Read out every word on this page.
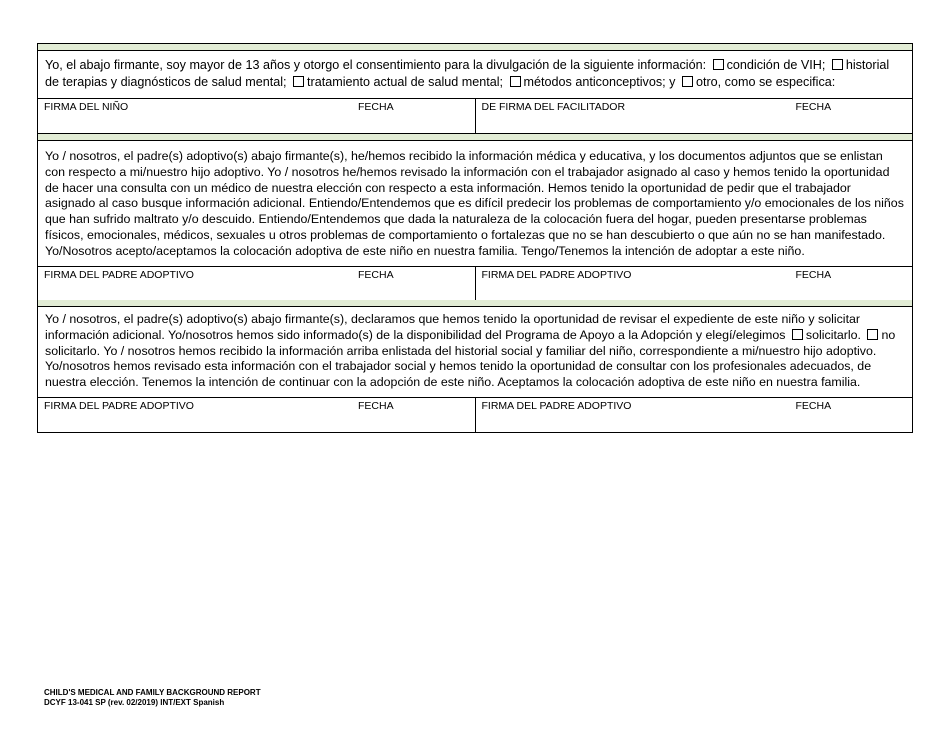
Yo, el abajo firmante, soy mayor de 13 años y otorgo el consentimiento para la divulgación de la siguiente información: condición de VIH; historial de terapias y diagnósticos de salud mental; tratamiento actual de salud mental; métodos anticonceptivos; y otro, como se especifica:
FIRMA DEL NIÑO	FECHA	DE FIRMA DEL FACILITADOR	FECHA
Yo / nosotros, el padre(s) adoptivo(s) abajo firmante(s), he/hemos recibido la información médica y educativa, y los documentos adjuntos que se enlistan con respecto a mi/nuestro hijo adoptivo. Yo / nosotros he/hemos revisado la información con el trabajador asignado al caso y hemos tenido la oportunidad de hacer una consulta con un médico de nuestra elección con respecto a esta información. Hemos tenido la oportunidad de pedir que el trabajador asignado al caso busque información adicional. Entiendo/Entendemos que es difícil predecir los problemas de comportamiento y/o emocionales de los niños que han sufrido maltrato y/o descuido. Entiendo/Entendemos que dada la naturaleza de la colocación fuera del hogar, pueden presentarse problemas físicos, emocionales, médicos, sexuales u otros problemas de comportamiento o fortalezas que no se han descubierto o que aún no se han manifestado. Yo/Nosotros acepto/aceptamos la colocación adoptiva de este niño en nuestra familia. Tengo/Tenemos la intención de adoptar a este niño.
FIRMA DEL PADRE ADOPTIVO	FECHA	FIRMA DEL PADRE ADOPTIVO	FECHA
Yo / nosotros, el padre(s) adoptivo(s) abajo firmante(s), declaramos que hemos tenido la oportunidad de revisar el expediente de este niño y solicitar información adicional. Yo/nosotros hemos sido informado(s) de la disponibilidad del Programa de Apoyo a la Adopción y elegí/elegimos solicitarlo. no solicitarlo. Yo / nosotros hemos recibido la información arriba enlistada del historial social y familiar del niño, correspondiente a mi/nuestro hijo adoptivo. Yo/nosotros hemos revisado esta información con el trabajador social y hemos tenido la oportunidad de consultar con los profesionales adecuados, de nuestra elección. Tenemos la intención de continuar con la adopción de este niño. Aceptamos la colocación adoptiva de este niño en nuestra familia.
FIRMA DEL PADRE ADOPTIVO	FECHA	FIRMA DEL PADRE ADOPTIVO	FECHA
CHILD'S MEDICAL AND FAMILY BACKGROUND REPORT
DCYF 13-041 SP (rev. 02/2019) INT/EXT Spanish
